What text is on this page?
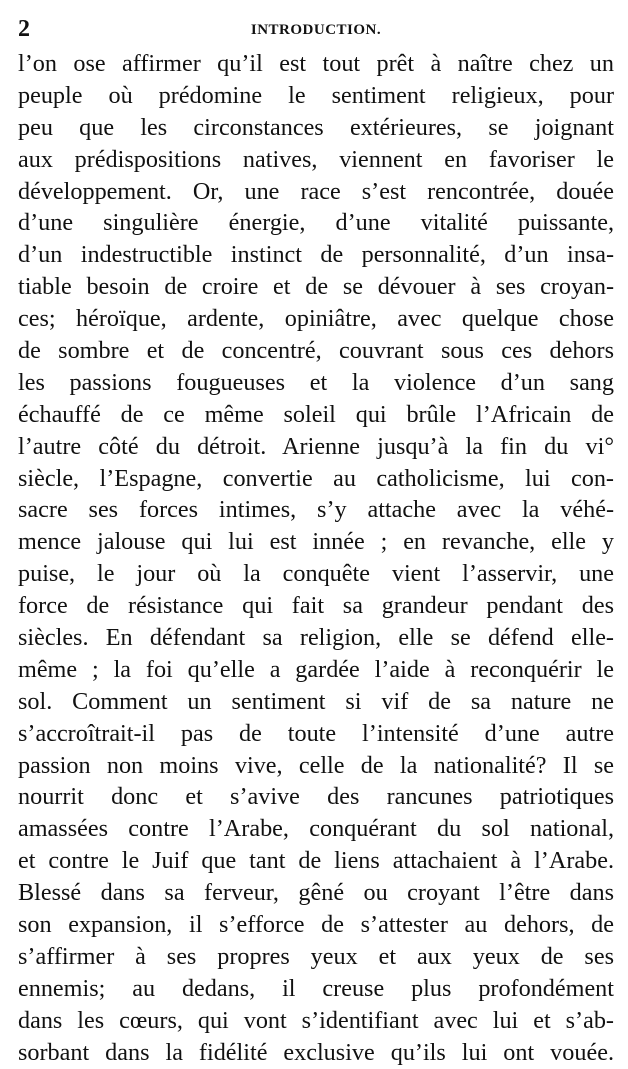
2	INTRODUCTION.
l’on ose affirmer qu’il est tout prêt à naître chez un
peuple où prédomine le sentiment religieux, pour
peu que les circonstances extérieures, se joignant
aux prédispositions natives, viennent en favoriser le
développement. Or, une race s’est rencontrée, douée
d’une singulière énergie, d’une vitalité puissante,
d’un indestructible instinct de personnalité, d’un insa-
tiable besoin de croire et de se dévouer à ses croyan-
ces; héroïque, ardente, opiniâtre, avec quelque chose
de sombre et de concentré, couvrant sous ces dehors
les passions fougueuses et la violence d’un sang
échauffé de ce même soleil qui brûle l’Africain de
l’autre côté du détroit. Arienne jusqu’à la fin du vi°
siècle, l’Espagne, convertie au catholicisme, lui con-
sacre ses forces intimes, s’y attache avec la véhé-
mence jalouse qui lui est innée ; en revanche, elle y
puise, le jour où la conquête vient l’asservir, une
force de résistance qui fait sa grandeur pendant des
siècles. En défendant sa religion, elle se défend elle-
même ; la foi qu’elle a gardée l’aide à reconquérir le
sol. Comment un sentiment si vif de sa nature ne
s’accroîtrait-il pas de toute l’intensité d’une autre
passion non moins vive, celle de la nationalité? Il se
nourrit donc et s’avive des rancunes patriotiques
amassées contre l’Arabe, conquérant du sol national,
et contre le Juif que tant de liens attachaient à l’Arabe.
Blessé dans sa ferveur, gêné ou croyant l’être dans
son expansion, il s’efforce de s’attester au dehors, de
s’affirmer à ses propres yeux et aux yeux de ses
ennemis; au dedans, il creuse plus profondément
dans les cœurs, qui vont s’identifiant avec lui et s’ab-
sorbant dans la fidélité exclusive qu’ils lui ont vouée.
